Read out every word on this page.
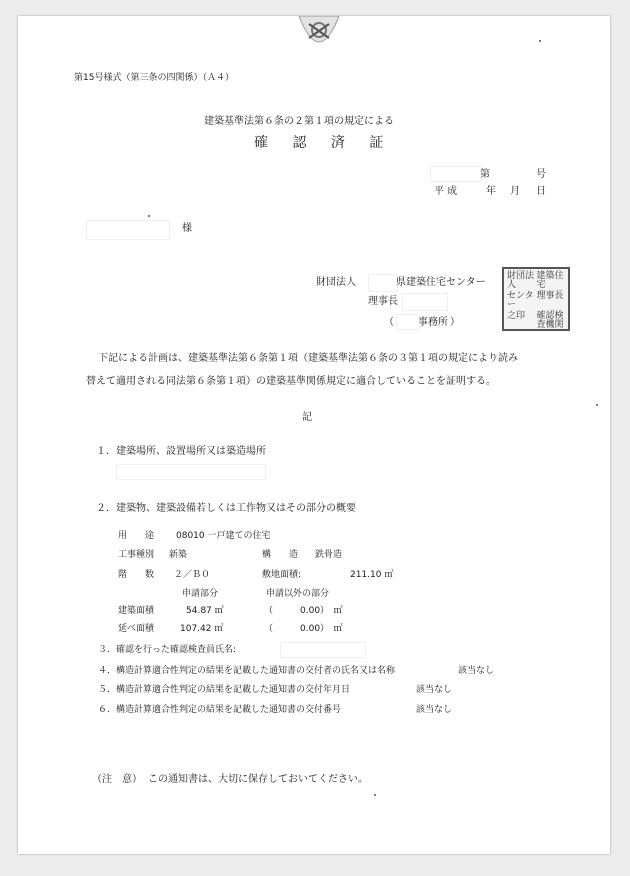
第15号様式（第三条の四関係）（Ａ４）
建築基準法第６条の２第１項の規定による
確 認 済 証
第	号
平 成	年 月 日
様
財団法人	県建築住宅センター
理事長
（ 事務所 ）
財団法人
建築住宅
センター
理事長
之印	確認検査機関
下記による計画は、建築基準法第６条第１項（建築基準法第６条の３第１項の規定により読み
替えて適用される同法第６条第１項）の建築基準関係規定に適合していることを証明する。
記
１．建築場所、設置場所又は築造場所
２．建築物、建築設備若しくは工作物又はその部分の概要
用　　途 08010 一戸建ての住宅
工事種別 新築	構　　造 鉄骨造
階　　数 ２／Ｂ０	敷地面積:	211.10 ㎡
申請部分	申請以外の部分
建築面積	54.87 ㎡	（　　　0.00）　㎡
延べ面積	107.42 ㎡	（　　　0.00）　㎡
３．確認を行った確認検査員氏名:
４．構造計算適合性判定の結果を記載した通知書の交付者の氏名又は名称	該当なし
５．構造計算適合性判定の結果を記載した通知書の交付年月日	該当なし
６．構造計算適合性判定の結果を記載した通知書の交付番号	該当なし
（注　意） この通知書は、大切に保存しておいてください。
